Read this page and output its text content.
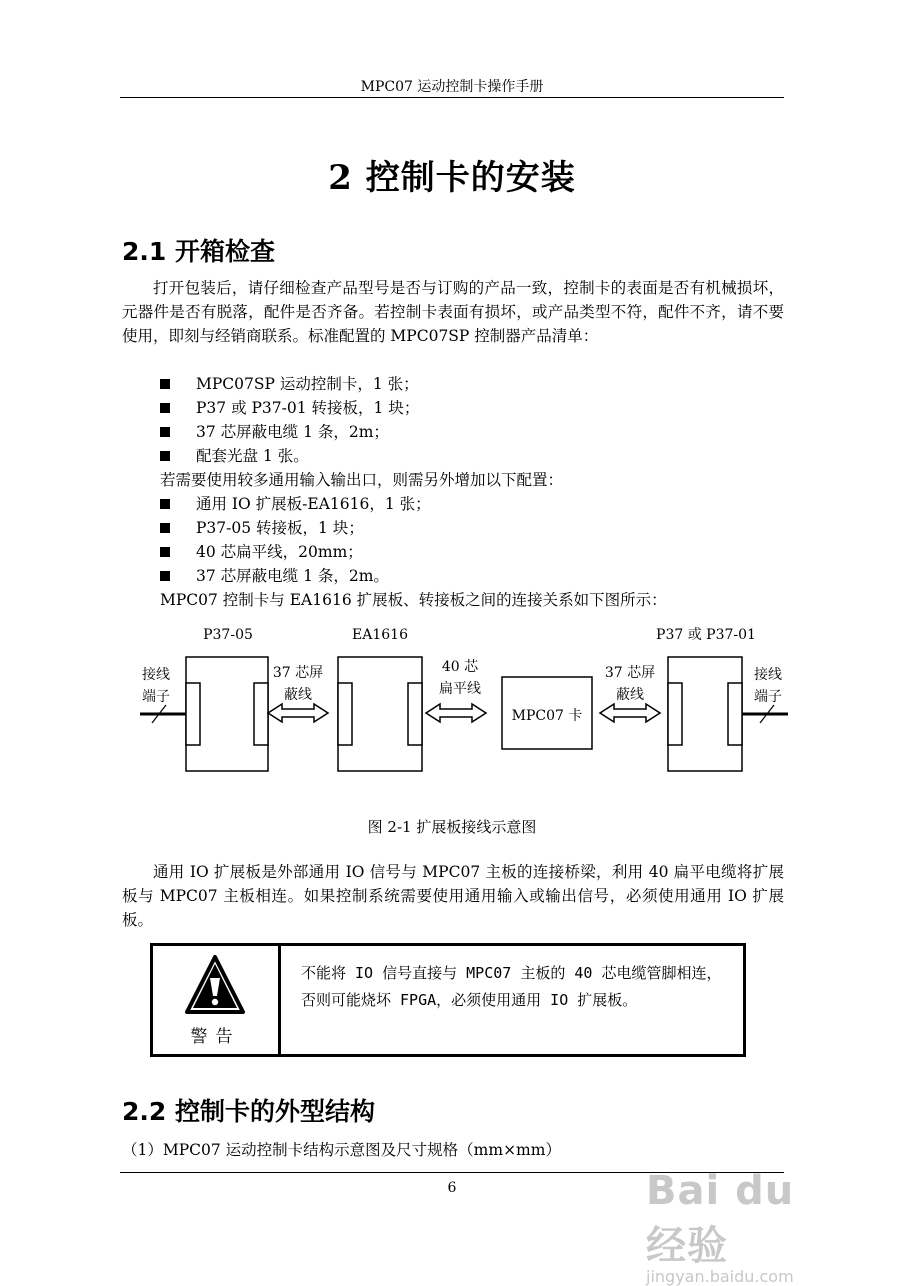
MPC07 运动控制卡操作手册
2 控制卡的安装
2.1 开箱检查
打开包装后，请仔细检查产品型号是否与订购的产品一致，控制卡的表面是否有机械损坏，元器件是否有脱落，配件是否齐备。若控制卡表面有损坏，或产品类型不符，配件不齐，请不要使用，即刻与经销商联系。标准配置的 MPC07SP 控制器产品清单：
MPC07SP 运动控制卡，1 张；
P37 或 P37-01 转接板，1 块；
37 芯屏蔽电缆 1 条，2m；
配套光盘 1 张。
若需要使用较多通用输入输出口，则需另外增加以下配置：
通用 IO 扩展板-EA1616，1 张；
P37-05 转接板，1 块；
40 芯扁平线，20mm；
37 芯屏蔽电缆 1 条，2m。
MPC07 控制卡与 EA1616 扩展板、转接板之间的连接关系如下图所示：
P37-05	EA1616	P37 或 P37-01
MPC07 卡
37 芯屏
蔽线
40 芯
扁平线
37 芯屏
蔽线
接线
端子
接线
端子
图 2-1 扩展板接线示意图
通用 IO 扩展板是外部通用 IO 信号与 MPC07 主板的连接桥梁，利用 40 扁平电缆将扩展板与 MPC07 主板相连。如果控制系统需要使用通用输入或输出信号，必须使用通用 IO 扩展板。
警告
不能将 IO 信号直接与 MPC07 主板的 40 芯电缆管脚相连，否则可能烧坏 FPGA，必须使用通用 IO 扩展板。
2.2 控制卡的外型结构
（1）MPC07 运动控制卡结构示意图及尺寸规格（mm×mm）
6	Bai du 经验
jingyan.baidu.com
